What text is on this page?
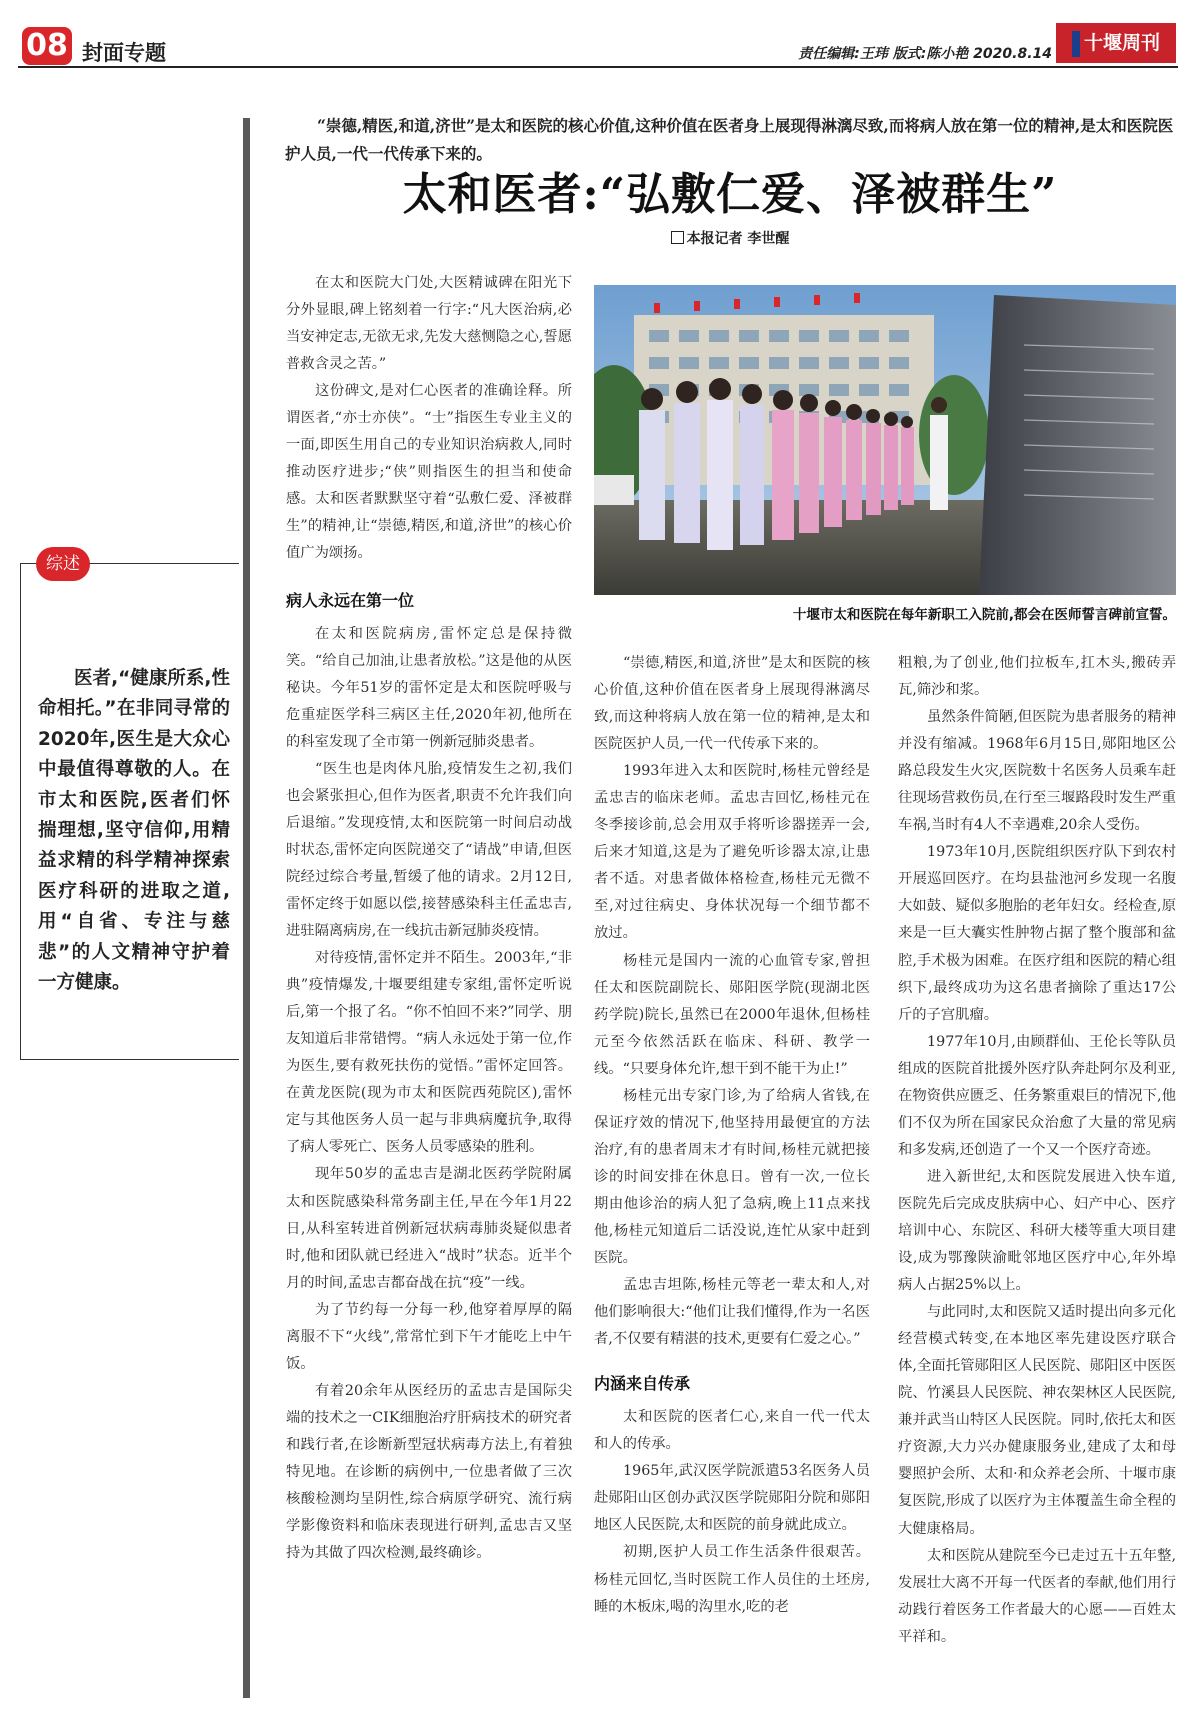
08 封面专题	责任编辑:王玮 版式:陈小艳 2020.8.14	十堰周刊
“崇德,精医,和道,济世”是太和医院的核心价值,这种价值在医者身上展现得淋漓尽致,而将病人放在第一位的精神,是太和医院医护人员,一代一代传承下来的。
太和医者:“弘敷仁爱、泽被群生”
本报记者 李世醒
综述

医者,“健康所系,性命相托。”在非同寻常的2020年,医生是大众心中最值得尊敬的人。在市太和医院,医者们怀揣理想,坚守信仰,用精益求精的科学精神探索医疗科研的进取之道,用“自省、专注与慈悲”的人文精神守护着一方健康。

十堰市太和医院在每年新职工入院前,都会在医师誓言碑前宣誓。

在太和医院大门处,大医精诚碑在阳光下分外显眼,碑上铭刻着一行字:“凡大医治病,必当安神定志,无欲无求,先发大慈恻隐之心,誓愿普救含灵之苦。”

这份碑文,是对仁心医者的准确诠释。所谓医者,“亦士亦侠”。“士”指医生专业主义的一面,即医生用自己的专业知识治病救人,同时推动医疗进步;“侠”则指医生的担当和使命感。太和医者默默坚守着“弘敷仁爱、泽被群生”的精神,让“崇德,精医,和道,济世”的核心价值广为颂扬。

病人永远在第一位

在太和医院病房,雷怀定总是保持微笑。“给自己加油,让患者放松。”这是他的从医秘诀。今年51岁的雷怀定是太和医院呼吸与危重症医学科三病区主任,2020年初,他所在的科室发现了全市第一例新冠肺炎患者。

“医生也是肉体凡胎,疫情发生之初,我们也会紧张担心,但作为医者,职责不允许我们向后退缩。”发现疫情,太和医院第一时间启动战时状态,雷怀定向医院递交了“请战”申请,但医院经过综合考量,暂缓了他的请求。2月12日,雷怀定终于如愿以偿,接替感染科主任孟忠吉,进驻隔离病房,在一线抗击新冠肺炎疫情。

对待疫情,雷怀定并不陌生。2003年,“非典”疫情爆发,十堰要组建专家组,雷怀定听说后,第一个报了名。“你不怕回不来?”同学、朋友知道后非常错愕。“病人永远处于第一位,作为医生,要有救死扶伤的觉悟。”雷怀定回答。在黄龙医院(现为市太和医院西苑院区),雷怀定与其他医务人员一起与非典病魔抗争,取得了病人零死亡、医务人员零感染的胜利。

现年50岁的孟忠吉是湖北医药学院附属太和医院感染科常务副主任,早在今年1月22日,从科室转进首例新冠状病毒肺炎疑似患者时,他和团队就已经进入“战时”状态。近半个月的时间,孟忠吉都奋战在抗“疫”一线。

为了节约每一分每一秒,他穿着厚厚的隔离服不下“火线”,常常忙到下午才能吃上中午饭。

有着20余年从医经历的孟忠吉是国际尖端的技术之一CIK细胞治疗肝病技术的研究者和践行者,在诊断新型冠状病毒方法上,有着独特见地。在诊断的病例中,一位患者做了三次核酸检测均呈阴性,综合病原学研究、流行病学影像资料和临床表现进行研判,孟忠吉又坚持为其做了四次检测,最终确诊。

“崇德,精医,和道,济世”是太和医院的核心价值,这种价值在医者身上展现得淋漓尽致,而这种将病人放在第一位的精神,是太和医院医护人员,一代一代传承下来的。

1993年进入太和医院时,杨桂元曾经是孟忠吉的临床老师。孟忠吉回忆,杨桂元在冬季接诊前,总会用双手将听诊器搓弄一会,后来才知道,这是为了避免听诊器太凉,让患者不适。对患者做体格检查,杨桂元无微不至,对过往病史、身体状况每一个细节都不放过。

杨桂元是国内一流的心血管专家,曾担任太和医院副院长、郧阳医学院(现湖北医药学院)院长,虽然已在2000年退休,但杨桂元至今依然活跃在临床、科研、教学一线。“只要身体允许,想干到不能干为止!”

杨桂元出专家门诊,为了给病人省钱,在保证疗效的情况下,他坚持用最便宜的方法治疗,有的患者周末才有时间,杨桂元就把接诊的时间安排在休息日。曾有一次,一位长期由他诊治的病人犯了急病,晚上11点来找他,杨桂元知道后二话没说,连忙从家中赶到医院。

孟忠吉坦陈,杨桂元等老一辈太和人,对他们影响很大:“他们让我们懂得,作为一名医者,不仅要有精湛的技术,更要有仁爱之心。”

内涵来自传承

太和医院的医者仁心,来自一代一代太和人的传承。

1965年,武汉医学院派遣53名医务人员赴郧阳山区创办武汉医学院郧阳分院和郧阳地区人民医院,太和医院的前身就此成立。

初期,医护人员工作生活条件很艰苦。杨桂元回忆,当时医院工作人员住的土坯房,睡的木板床,喝的沟里水,吃的老

粗粮,为了创业,他们拉板车,扛木头,搬砖弄瓦,筛沙和浆。

虽然条件简陋,但医院为患者服务的精神并没有缩减。1968年6月15日,郧阳地区公路总段发生火灾,医院数十名医务人员乘车赶往现场营救伤员,在行至三堰路段时发生严重车祸,当时有4人不幸遇难,20余人受伤。

1973年10月,医院组织医疗队下到农村开展巡回医疗。在均县盐池河乡发现一名腹大如鼓、疑似多胞胎的老年妇女。经检查,原来是一巨大囊实性肿物占据了整个腹部和盆腔,手术极为困难。在医疗组和医院的精心组织下,最终成功为这名患者摘除了重达17公斤的子宫肌瘤。

1977年10月,由顾群仙、王伦长等队员组成的医院首批援外医疗队奔赴阿尔及利亚,在物资供应匮乏、任务繁重艰巨的情况下,他们不仅为所在国家民众治愈了大量的常见病和多发病,还创造了一个又一个医疗奇迹。

进入新世纪,太和医院发展进入快车道,医院先后完成皮肤病中心、妇产中心、医疗培训中心、东院区、科研大楼等重大项目建设,成为鄂豫陕渝毗邻地区医疗中心,年外埠病人占据25%以上。

与此同时,太和医院又适时提出向多元化经营模式转变,在本地区率先建设医疗联合体,全面托管郧阳区人民医院、郧阳区中医医院、竹溪县人民医院、神农架林区人民医院,兼并武当山特区人民医院。同时,依托太和医疗资源,大力兴办健康服务业,建成了太和母婴照护会所、太和·和众养老会所、十堰市康复医院,形成了以医疗为主体覆盖生命全程的大健康格局。

太和医院从建院至今已走过五十五年整,发展壮大离不开每一代医者的奉献,他们用行动践行着医务工作者最大的心愿——百姓太平祥和。
